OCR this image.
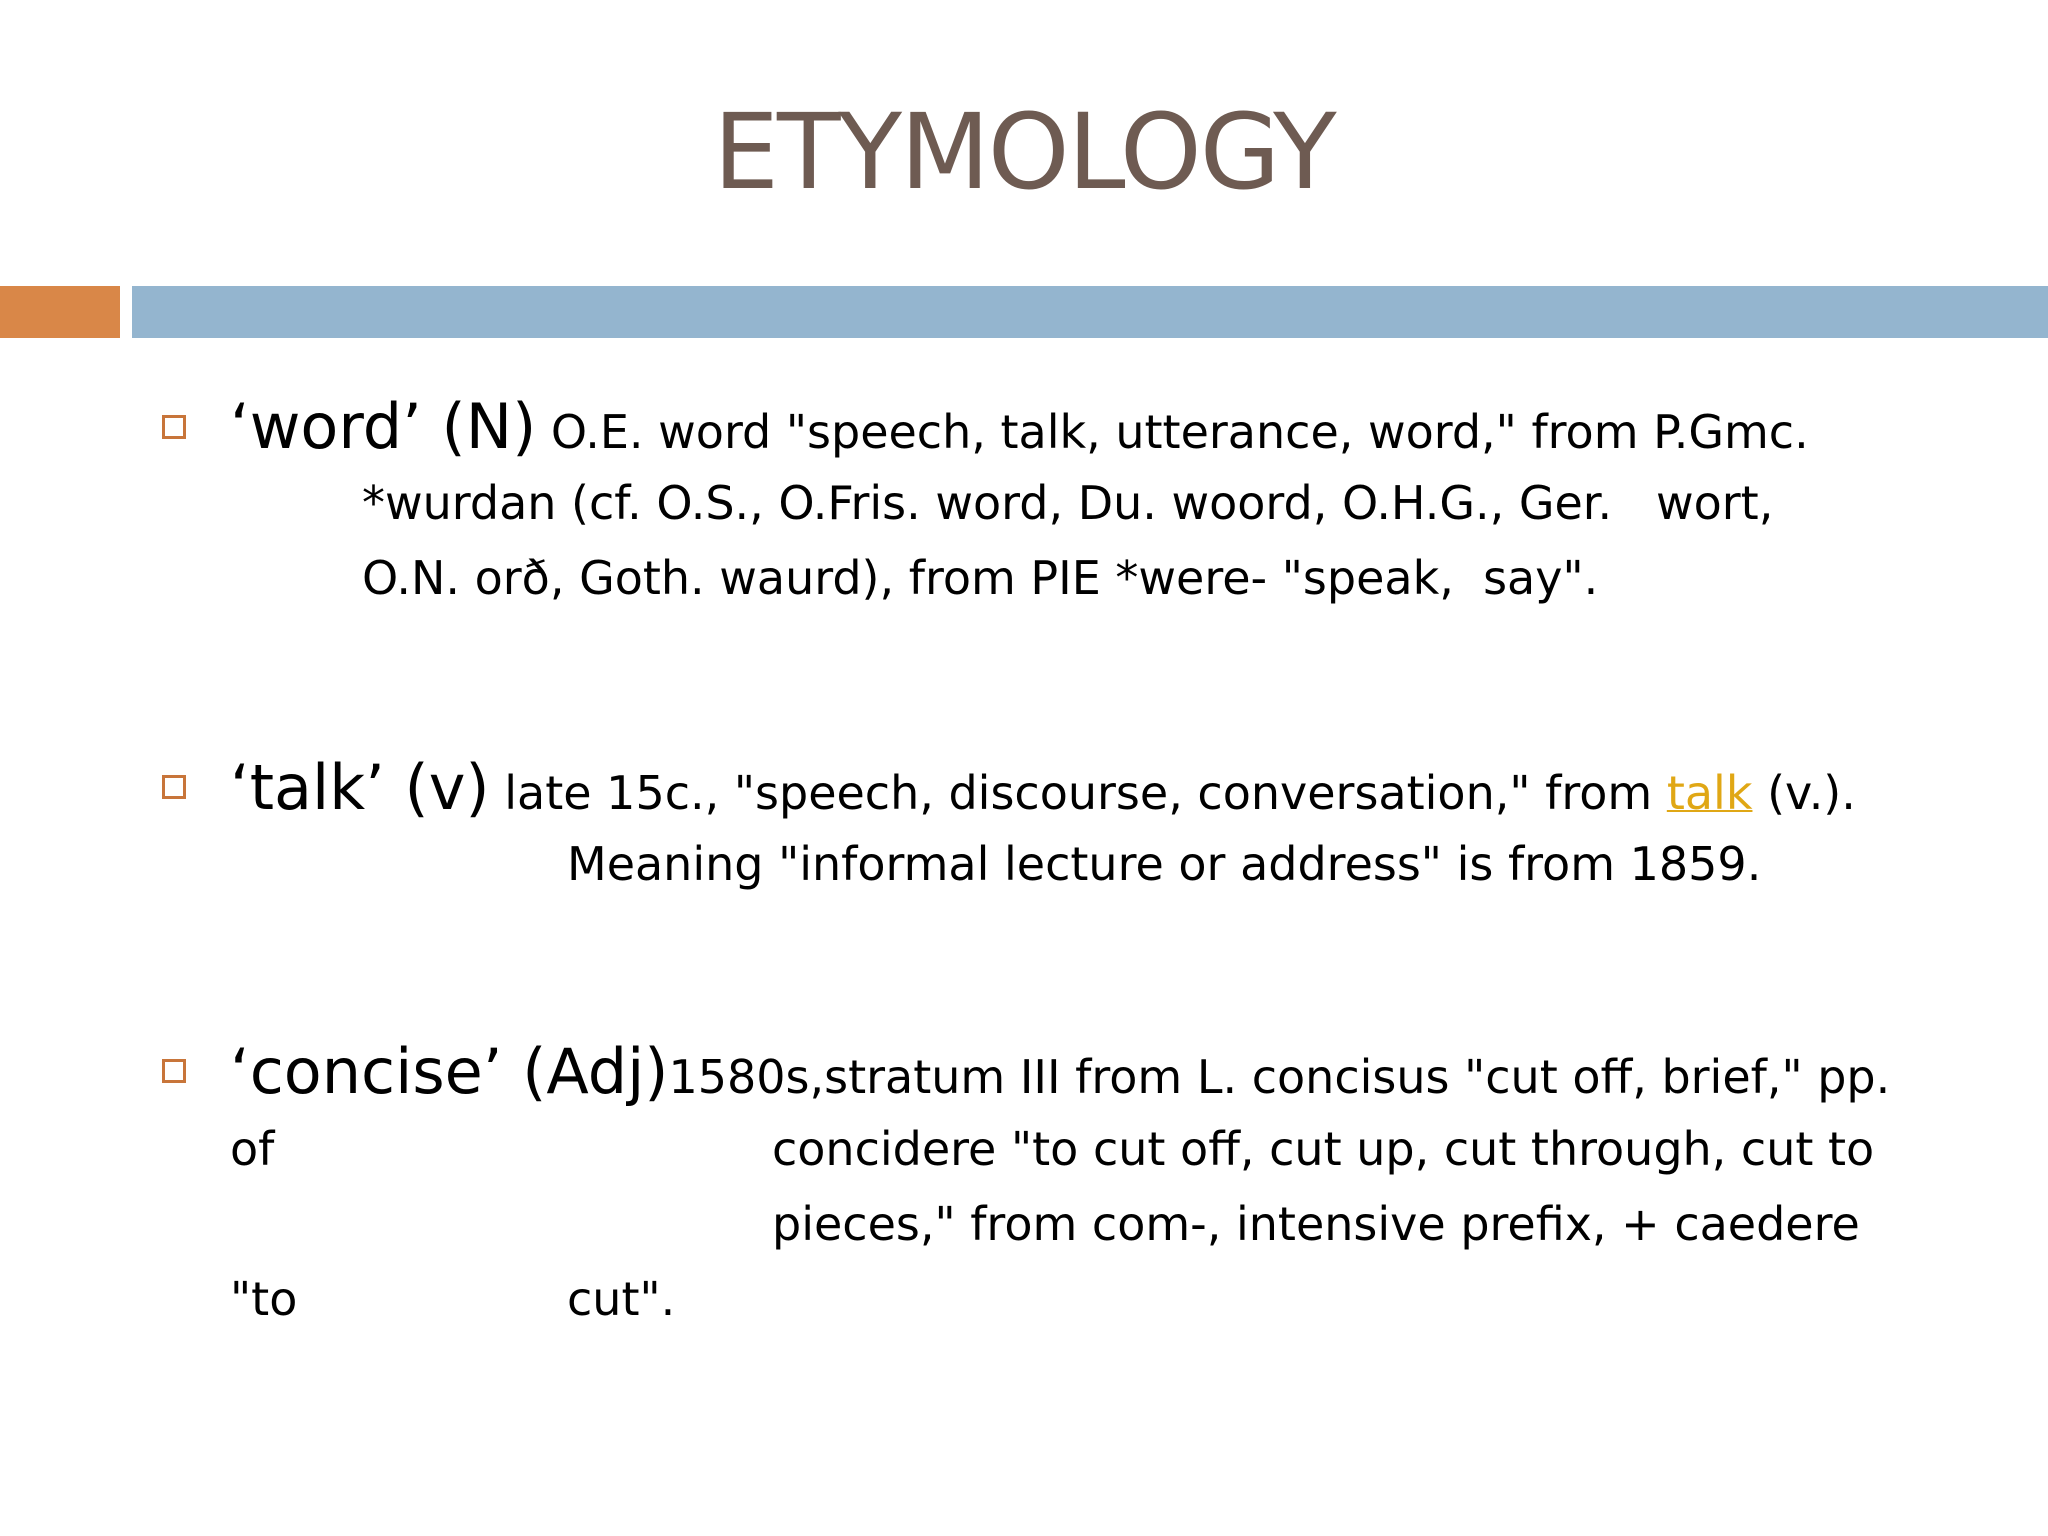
ETYMOLOGY
‘word’ (N) O.E. word "speech, talk, utterance, word," from P.Gmc.
*wurdan (cf. O.S., O.Fris. word, Du. woord, O.H.G., Ger.   wort,
O.N. orð, Goth. waurd), from PIE *were- "speak,  say".
‘talk’ (v) late 15c., "speech, discourse, conversation," from talk (v.).
Meaning "informal lecture or address" is from 1859.
‘concise’ (Adj)1580s,stratum III from L. concisus "cut off, brief," pp.
of	concidere "to cut off, cut up, cut through, cut to
pieces," from com-, intensive prefix, + caedere
"to	cut".
